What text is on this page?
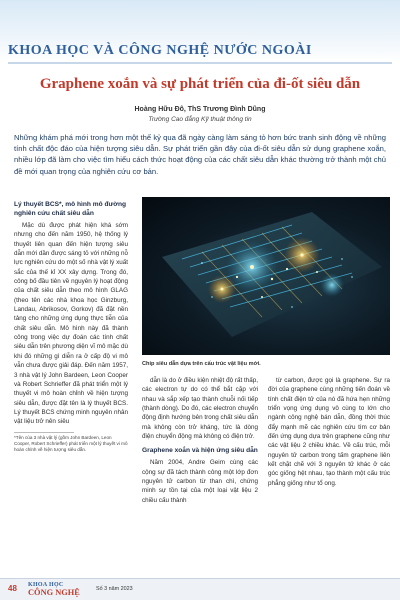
KHOA HỌC VÀ CÔNG NGHỆ NƯỚC NGOÀI
Graphene xoắn và sự phát triển của đi-ốt siêu dẫn
Hoàng Hữu Đô, ThS Trương Đình Dũng
Trường Cao đẳng Kỹ thuật thông tin

Những khám phá mới trong hơn một thế kỷ qua đã ngày càng làm sáng tỏ hơn bức tranh sinh động về những tính chất độc đáo của hiện tượng siêu dẫn. Sự phát triển gần đây của đi-ốt siêu dẫn sử dụng graphene xoắn, nhiều lớp đã làm cho việc tìm hiểu cách thức hoạt động của các chất siêu dẫn khác thường trở thành một chủ đề mới quan trọng của nghiên cứu cơ bản.

Lý thuyết BCS*, mô hình mô đường nghiên cứu chất siêu dẫn

Mặc dù được phát hiện khá sớm nhưng cho đến năm 1950, hệ thống lý thuyết liên quan đến hiện tượng siêu dẫn mới dần được sáng tỏ với những nỗ lực nghiên cứu do một số nhà vật lý xuất sắc của thế kỉ XX xây dựng. Trong đó, công bố đầu tiên về nguyên lý hoạt động của chất siêu dẫn theo mô hình GLAG (theo tên các nhà khoa học Ginzburg, Landau, Abrikosov, Gorkov) đã đặt nền tảng cho những ứng dụng thực tiễn của chất siêu dẫn. Mô hình này đã thành công trong việc dự đoán các tính chất siêu dẫn trên phương diện vĩ mô mặc dù khi đó những gì diễn ra ở cấp độ vi mô vẫn chưa được giải đáp. Đến năm 1957, 3 nhà vật lý John Bardeen, Leon Cooper và Robert Schrieffer đã phát triển một lý thuyết vi mô hoàn chỉnh về hiện tượng siêu dẫn, được đặt tên là lý thuyết BCS. Lý thuyết BCS chứng minh nguyên nhân vật liệu trở nên siêu

*Tên của 3 nhà vật lý (gồm John Bardeen, Leon Cooper, Robert Schrieffer) phát triển một lý thuyết vi mô hoàn chỉnh về hiện tượng siêu dẫn.

Chip siêu dẫn dựa trên cấu trúc vật liệu mới.

dẫn là do ở điều kiện nhiệt độ rất thấp, các electron tự do có thể bắt cặp với nhau và sắp xếp tạo thành chuỗi nối tiếp (thành dòng). Do đó, các electron chuyển động định hướng bên trong chất siêu dẫn mà không còn trở kháng, tức là dòng điện chuyển động mà không có điện trở.

Graphene xoắn và hiện ứng siêu dẫn

Năm 2004, Andre Geim cùng các cộng sự đã tách thành công một lớp đơn nguyên tử carbon từ than chì, chứng minh sự tồn tại của một loại vật liệu 2 chiều cấu thành

từ carbon, được gọi là graphene. Sự ra đời của graphene cùng những tiến đoán về tính chất điện tử của nó đã hứa hẹn những triển vọng ứng dụng vô cùng to lớn cho ngành công nghệ bán dẫn, đồng thời thúc đẩy mạnh mẽ các nghiên cứu tìm cơ bản đến ứng dụng dựa trên graphene cũng như các vật liệu 2 chiều khác. Về cấu trúc, mỗi nguyên tử carbon trong tấm graphene liên kết chặt chẽ với 3 nguyên tử khác ở các góc giống hệt nhau, tạo thành một cấu trúc phẳng giống như tổ ong.

48 KHOA HỌC
CÔNG NGHỆ	Số 3 năm 2023
